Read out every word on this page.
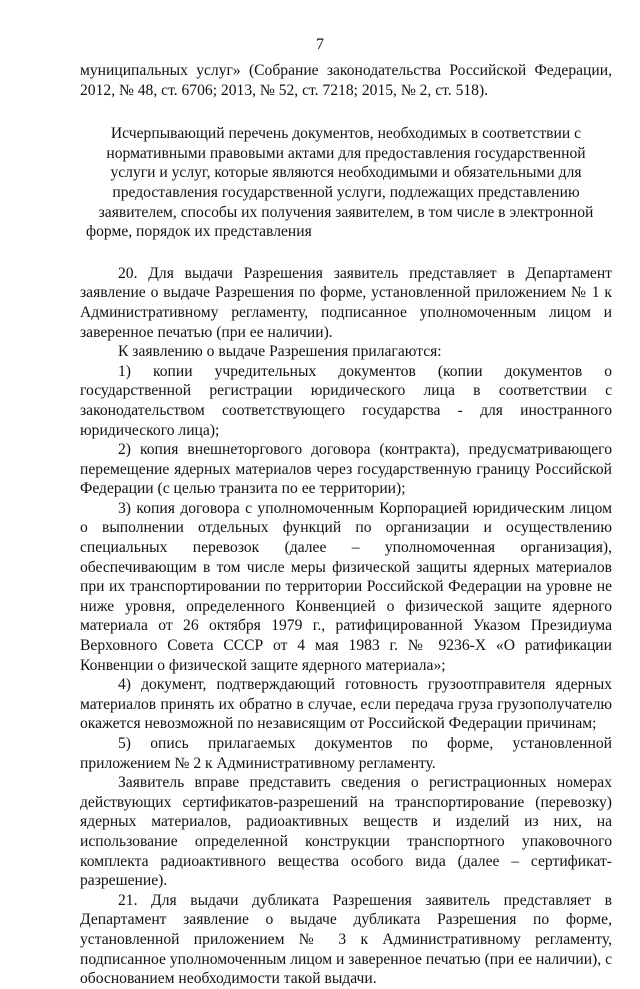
7

муниципальных услуг» (Собрание законодательства Российской Федерации, 2012, № 48, ст. 6706; 2013, № 52, ст. 7218; 2015, № 2, ст. 518).

Исчерпывающий перечень документов, необходимых в соответствии с нормативными правовыми актами для предоставления государственной услуги и услуг, которые являются необходимыми и обязательными для предоставления государственной услуги, подлежащих представлению заявителем, способы их получения заявителем, в том числе в электронной форме, порядок их представления

20. Для выдачи Разрешения заявитель представляет в Департамент заявление о выдаче Разрешения по форме, установленной приложением № 1 к Административному регламенту, подписанное уполномоченным лицом и заверенное печатью (при ее наличии).

К заявлению о выдаче Разрешения прилагаются:

1) копии учредительных документов (копии документов о государственной регистрации юридического лица в соответствии с законодательством соответствующего государства - для иностранного юридического лица);

2) копия внешнеторгового договора (контракта), предусматривающего перемещение ядерных материалов через государственную границу Российской Федерации (с целью транзита по ее территории);

3) копия договора с уполномоченным Корпорацией юридическим лицом о выполнении отдельных функций по организации и осуществлению специальных перевозок (далее – уполномоченная организация), обеспечивающим в том числе меры физической защиты ядерных материалов при их транспортировании по территории Российской Федерации на уровне не ниже уровня, определенного Конвенцией о физической защите ядерного материала от 26 октября 1979 г., ратифицированной Указом Президиума Верховного Совета СССР от 4 мая 1983 г. № 9236-Х «О ратификации Конвенции о физической защите ядерного материала»;

4) документ, подтверждающий готовность грузоотправителя ядерных материалов принять их обратно в случае, если передача груза грузополучателю окажется невозможной по независящим от Российской Федерации причинам;

5) опись прилагаемых документов по форме, установленной приложением № 2 к Административному регламенту.

Заявитель вправе представить сведения о регистрационных номерах действующих сертификатов-разрешений на транспортирование (перевозку) ядерных материалов, радиоактивных веществ и изделий из них, на использование определенной конструкции транспортного упаковочного комплекта радиоактивного вещества особого вида (далее – сертификат-разрешение).

21. Для выдачи дубликата Разрешения заявитель представляет в Департамент заявление о выдаче дубликата Разрешения по форме, установленной приложением № 3 к Административному регламенту, подписанное уполномоченным лицом и заверенное печатью (при ее наличии), с обоснованием необходимости такой выдачи.
